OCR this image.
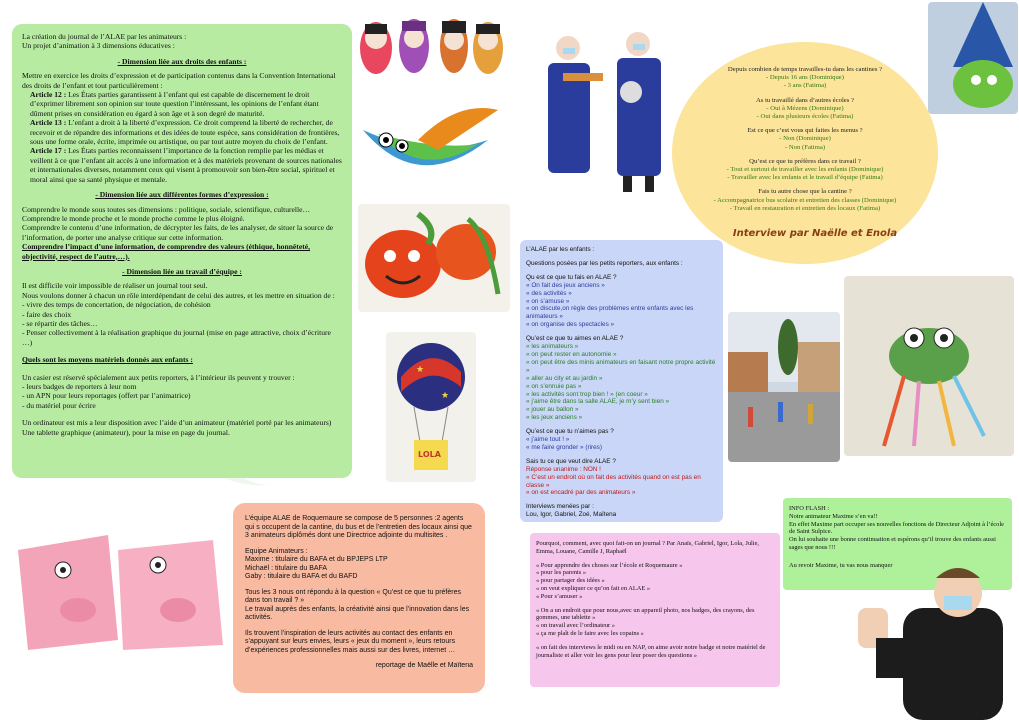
La création du journal de l’ALAE par les animateurs :
Un projet d’animation à 3 dimensions éducatives :
- Dimension liée aux droits des enfants :
Mettre en exercice les droits d’expression et de participation contenus dans la Convention International des droits de l’enfant et tout particulièrement :
Article 12 : Les États parties garantissent à l’enfant qui est capable de discernement le droit d’exprimer librement son opinion sur toute question l’intéressant, les opinions de l’enfant étant dûment prises en considération eu égard à son âge et à son degré de maturité.
Article 13 : L’enfant a droit à la liberté d’expression. Ce droit comprend la liberté de rechercher, de recevoir et de répandre des informations et des idées de toute espèce, sans considération de frontières, sous une forme orale, écrite, imprimée ou artistique, ou par tout autre moyen du choix de l’enfant.
Article 17 : Les États parties reconnaissent l’importance de la fonction remplie par les médias et veillent à ce que l’enfant ait accès à une information et à des matériels provenant de sources nationales et internationales diverses, notamment ceux qui visent à promouvoir son bien-être social, spirituel et moral ainsi que sa santé physique et mentale.
- Dimension liée aux différentes formes d’expression :
Comprendre le monde sous toutes ses dimensions : politique, sociale, scientifique, culturelle…
Comprendre le monde proche et le monde proche comme le plus éloigné.
Comprendre le contenu d’une information, de décrypter les faits, de les analyser, de situer la source de l’information, de porter une analyse critique sur cette information.
Comprendre l’impact d’une information, de comprendre des valeurs (éthique, honnêteté, objectivité, respect de l’autre,…).
- Dimension liée au travail d’équipe :
Il est difficile voir impossible de réaliser un journal tout seul.
Nous voulons donner à chacun un rôle interdépendant de celui des autres, et les mettre en situation de :
- vivre des temps de concertation, de négociation, de cohésion
- faire des choix
- se répartir des tâches…
- Penser collectivement à la réalisation graphique du journal (mise en page attractive, choix d’écriture …)
Quels sont les moyens matériels donnés aux enfants :
Un casier est réservé spécialement aux petits reporters, à l’intérieur ils peuvent y trouver :
- leurs badges de reporters à leur nom
- un APN pour leurs reportages (offert par l’animatrice)
- du matériel pour écrire
Un ordinateur est mis a leur disposition avec l’aide d’un animateur (matériel porté par les animateurs)
Une tablette graphique (animateur), pour la mise en page du journal.
★
★
LOLA
Depuis combien de temps travailles-tu dans les cantines ?
- Depuis 16 ans (Dominique)
- 3 ans (Fatima)
As tu travaillé dans d’autres écoles ?
- Oui à Mézens (Dominique)
- Oui dans plusieurs écoles (Fatima)
Est ce que c’est vous qui faites les menus ?
- Non (Dominique)
- Non (Fatima)
Qu’est ce que tu préfères dans ce travail ?
- Tout et surtout de travailler avec les enfants (Dominique)
- Travailler avec les enfants et le travail d’équipe (Fatima)
Fais tu autre chose que la cantine ?
- Accompagnatrice bus scolaire et entretien des classes (Dominique)
- Travail en restauration et entretien des locaux (Fatima)
Interview par Naëlle et Enola
L’ALAE par les enfants :
Questions posées par les petits reporters, aux enfants :
Qu est ce que tu fais en ALAE ?
« On fait des jeux anciens »
« des activités »
« on s’amuse »
« on discute,on règle des problèmes entre enfants avec les animateurs »
« on organise des spectacles »
Qu’est ce que tu aimes en ALAE ?
« les animateurs »
« on peut rester en autonomie »
« on peut être des minis animateurs en faisant notre propre activité »
« aller au city et au jardin »
« on s’ennuie pas »
« les activités sont trop bien ! » (en coeur »
« j’aime être dans la salle ALAE, je m’y sent bien »
« jouer au ballon »
« les jeux anciens »
Qu’est ce que tu n’aimes pas ?
« j’aime tout ! »
« me faire gronder » (rires)
Sais tu ce que veut dire ALAE ?
Réponse unanime : NON !
« C’est un endroit où on fait des activités quand on est pas en classe »
« on est encadré par des animateurs »
Interviews menées par :
Lou, Igor, Gabriel, Zoé, Maïtena
L’équipe ALAE de Roquemaure se compose de 5 personnes :2 agents qui s occupent de la cantine, du bus et de l’entretien des locaux ainsi que 3 animateurs diplômés dont une Directrice adjointe du multisites .
Equipe Animateurs :
Maxime : titulaire du BAFA et du BPJEPS LTP
Michaël : titulaire du BAFA
Gaby : titulaire du BAFA et du BAFD
Tous les 3 nous ont répondu à la question « Qu’est ce que tu préfères dans ton travail ? »
Le travail auprès des enfants, la créativité ainsi que l’innovation dans les activités.
Ils trouvent l’inspiration de leurs activités au contact des enfants en s’appuyant sur leurs envies, leurs « jeux du moment », leurs retours d’expériences professionnelles mais aussi sur des livres, internet …
reportage de Maëlle et Maïtena
Pourquoi, comment, avec quoi fait-on un journal ? Par Anaïs, Gabriel, Igor, Lola, Julie, Emma, Louane, Camille J, Raphaël
« Pour apprendre des choses sur l’école et Roquemaure »
« pour les parents »
« pour partager des idées »
« on veut expliquer ce qu’on fait en ALAE »
« Pour s’amuser »
« On a un endroit que pour nous,avec un appareil photo, nos badges, des crayons, des gommes, une tablette »
« on travail avec l’ordinateur »
« ça me plaît de le faire avec les copains »
« on fait des interviews le midi ou en NAP, on aime avoir notre badge et notre matériel de journaliste et aller voir les gens pour leur poser des questions »
INFO FLASH :
Notre animateur Maxime s’en va!!
En effet Maxime part occuper ses nouvelles fonctions de Directeur Adjoint à l’école de Saint Sulpice.
On lui souhaite une bonne continuation et espérons qu’il trouve des enfants aussi sages que nous !!!
Au revoir Maxime, tu vas nous manquer
